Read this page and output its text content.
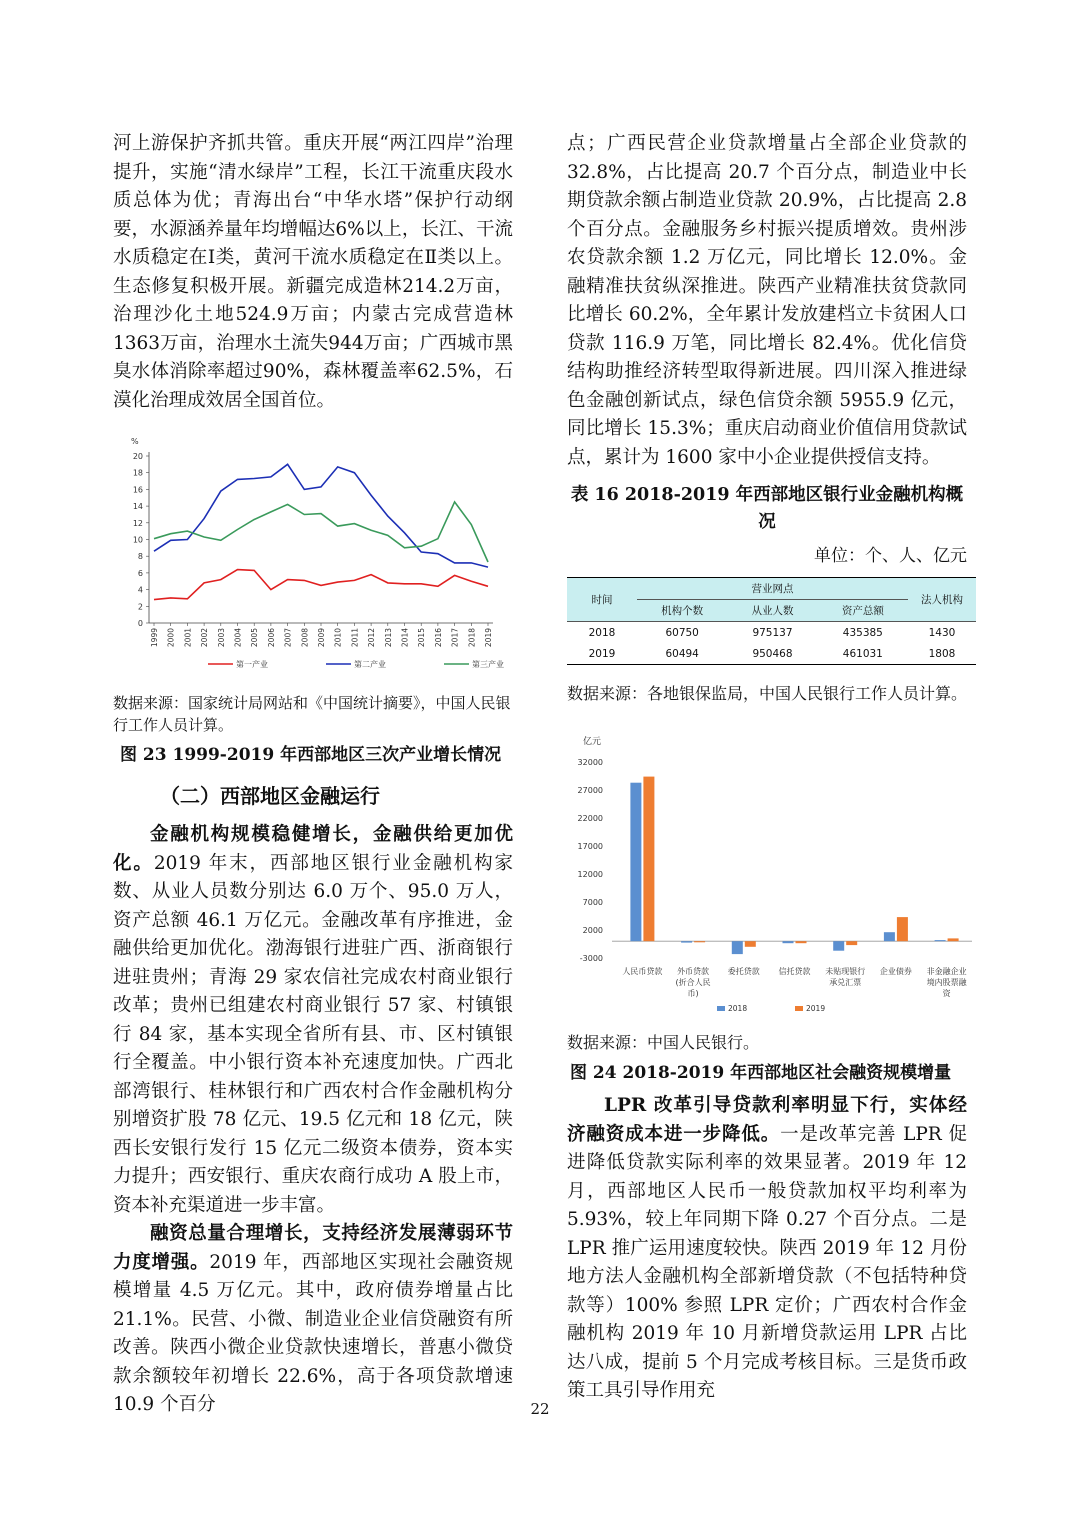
河上游保护齐抓共管。重庆开展“两江四岸”治理提升，实施“清水绿岸”工程，长江干流重庆段水质总体为优；青海出台“中华水塔”保护行动纲要，水源涵养量年均增幅达6%以上，长江、干流水质稳定在Ⅰ类，黄河干流水质稳定在Ⅱ类以上。生态修复积极开展。新疆完成造林214.2万亩，治理沙化土地524.9万亩；内蒙古完成营造林1363万亩，治理水土流失944万亩；广西城市黑臭水体消除率超过90%，森林覆盖率62.5%，石漠化治理成效居全国首位。

%
0
2
4
6
8
10
12
14
16
18
20
1999 2000 2001 2002 2003 2004 2005 2006 2007 2008 2009 2010 2011 2012 2013 2014 2015 2016 2017 2018 2019
第一产业	第二产业	第三产业
数据来源：国家统计局网站和《中国统计摘要》，中国人民银行工作人员计算。
图 23 1999-2019 年西部地区三次产业增长情况
（二）西部地区金融运行

金融机构规模稳健增长，金融供给更加优化。2019 年末，西部地区银行业金融机构家数、从业人员数分别达 6.0 万个、95.0 万人，资产总额 46.1 万亿元。金融改革有序推进，金融供给更加优化。渤海银行进驻广西、浙商银行进驻贵州；青海 29 家农信社完成农村商业银行改革；贵州已组建农村商业银行 57 家、村镇银行 84 家，基本实现全省所有县、市、区村镇银行全覆盖。中小银行资本补充速度加快。广西北部湾银行、桂林银行和广西农村合作金融机构分别增资扩股 78 亿元、19.5 亿元和 18 亿元，陕西长安银行发行 15 亿元二级资本债券，资本实力提升；西安银行、重庆农商行成功 A 股上市，资本补充渠道进一步丰富。

融资总量合理增长，支持经济发展薄弱环节力度增强。2019 年，西部地区实现社会融资规模增量 4.5 万亿元。其中，政府债券增量占比 21.1%。民营、小微、制造业企业信贷融资有所改善。陕西小微企业贷款快速增长，普惠小微贷款余额较年初增长 22.6%，高于各项贷款增速 10.9 个百分

点；广西民营企业贷款增量占全部企业贷款的 32.8%，占比提高 20.7 个百分点，制造业中长期贷款余额占制造业贷款 20.9%，占比提高 2.8 个百分点。金融服务乡村振兴提质增效。贵州涉农贷款余额 1.2 万亿元，同比增长 12.0%。金融精准扶贫纵深推进。陕西产业精准扶贫贷款同比增长 60.2%，全年累计发放建档立卡贫困人口贷款 116.9 万笔，同比增长 82.4%。优化信贷结构助推经济转型取得新进展。四川深入推进绿色金融创新试点，绿色信贷余额 5955.9 亿元，同比增长 15.3%；重庆启动商业价值信用贷款试点，累计为 1600 家中小企业提供授信支持。

表 16 2018-2019 年西部地区银行业金融机构概况
单位：个、人、亿元
时间	营业网点			法人机构
	机构个数	从业人数	资产总额	
2018	60750	975137	435385	1430
2019	60494	950468	461031	1808
数据来源：各地银保监局，中国人民银行工作人员计算。
亿元
-3000
2000
7000
12000
17000
22000
27000
32000
人民币贷款 外币贷款
(折合人民
币)
委托贷款 信托贷款 未贴现银行
承兑汇票
企业债券 非金融企业
境内股票融
资
2018	2019
数据来源：中国人民银行。
图 24 2018-2019 年西部地区社会融资规模增量

LPR 改革引导贷款利率明显下行，实体经济融资成本进一步降低。一是改革完善 LPR 促进降低贷款实际利率的效果显著。2019 年 12 月，西部地区人民币一般贷款加权平均利率为 5.93%，较上年同期下降 0.27 个百分点。二是 LPR 推广运用速度较快。陕西 2019 年 12 月份地方法人金融机构全部新增贷款（不包括特种贷款等）100% 参照 LPR 定价；广西农村合作金融机构 2019 年 10 月新增贷款运用 LPR 占比达八成，提前 5 个月完成考核目标。三是货币政策工具引导作用充

22
